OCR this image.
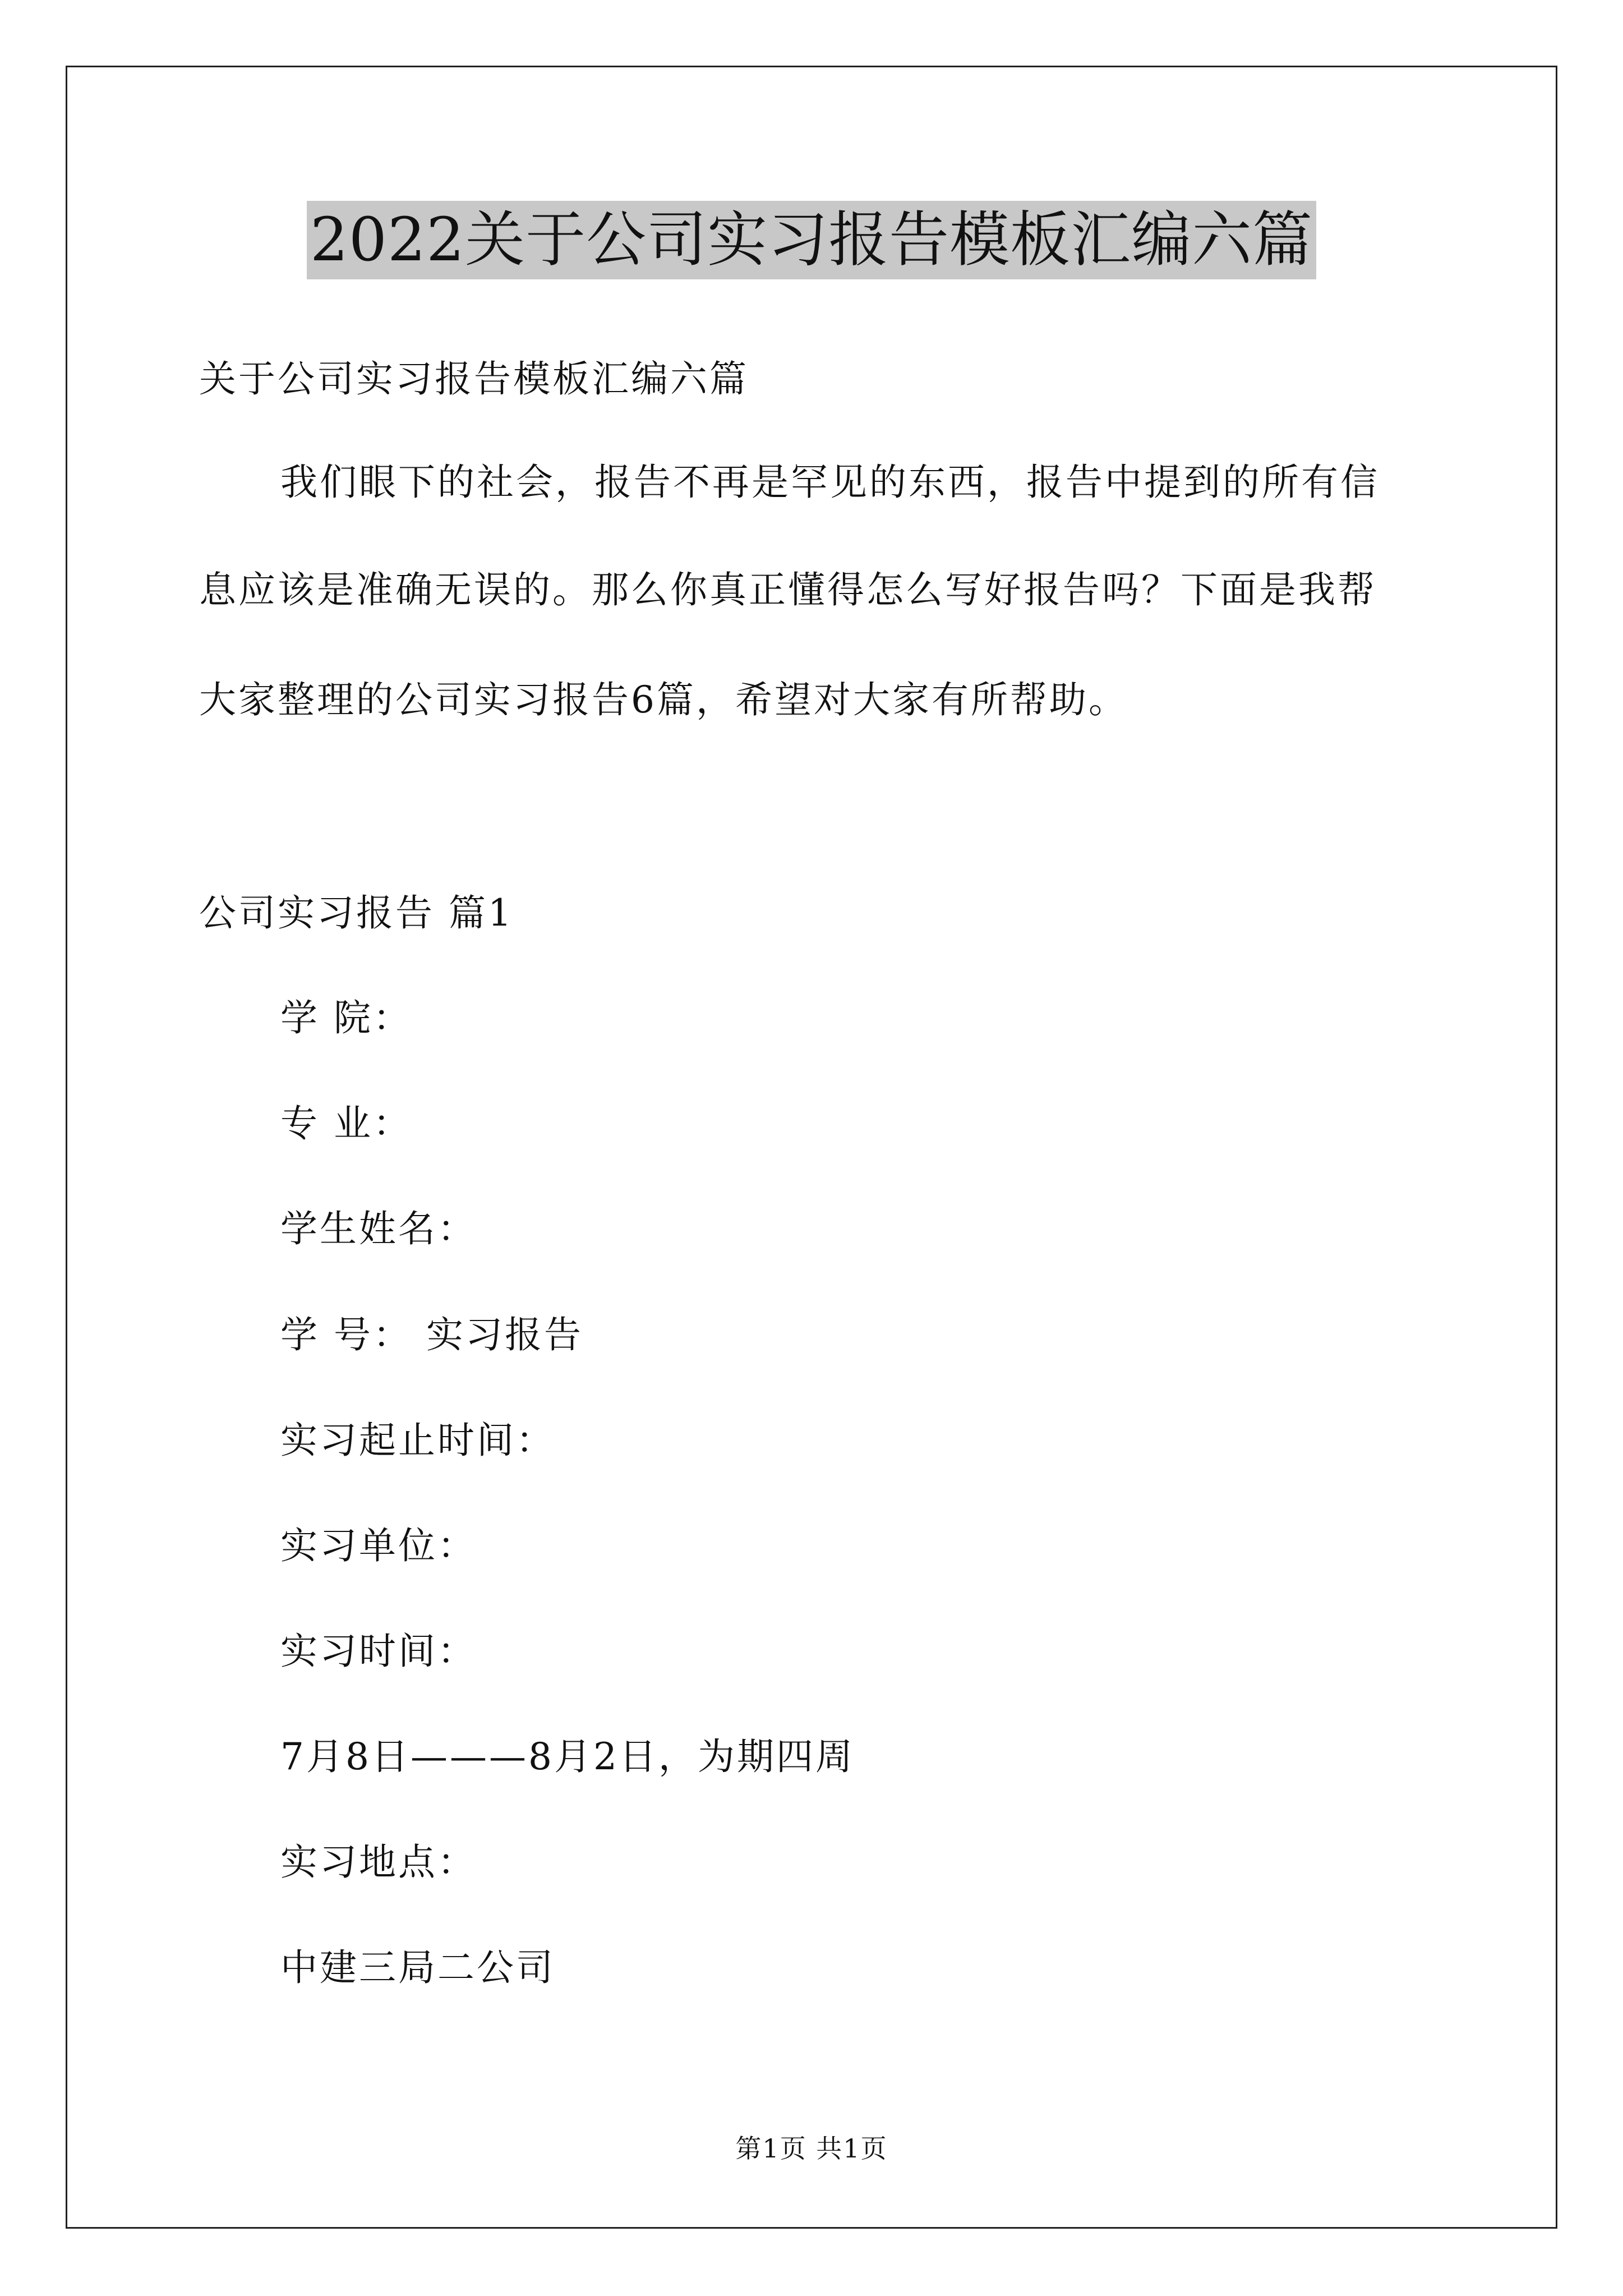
2022关于公司实习报告模板汇编六篇
关于公司实习报告模板汇编六篇
我们眼下的社会，报告不再是罕见的东西，报告中提到的所有信
息应该是准确无误的。那么你真正懂得怎么写好报告吗？下面是我帮
大家整理的公司实习报告6篇，希望对大家有所帮助。
公司实习报告 篇1
学 院：
专 业：
学生姓名：
学 号： 实习报告
实习起止时间：
实习单位：
实习时间：
7月8日———8月2日，为期四周
实习地点：
中建三局二公司
第1页 共1页
